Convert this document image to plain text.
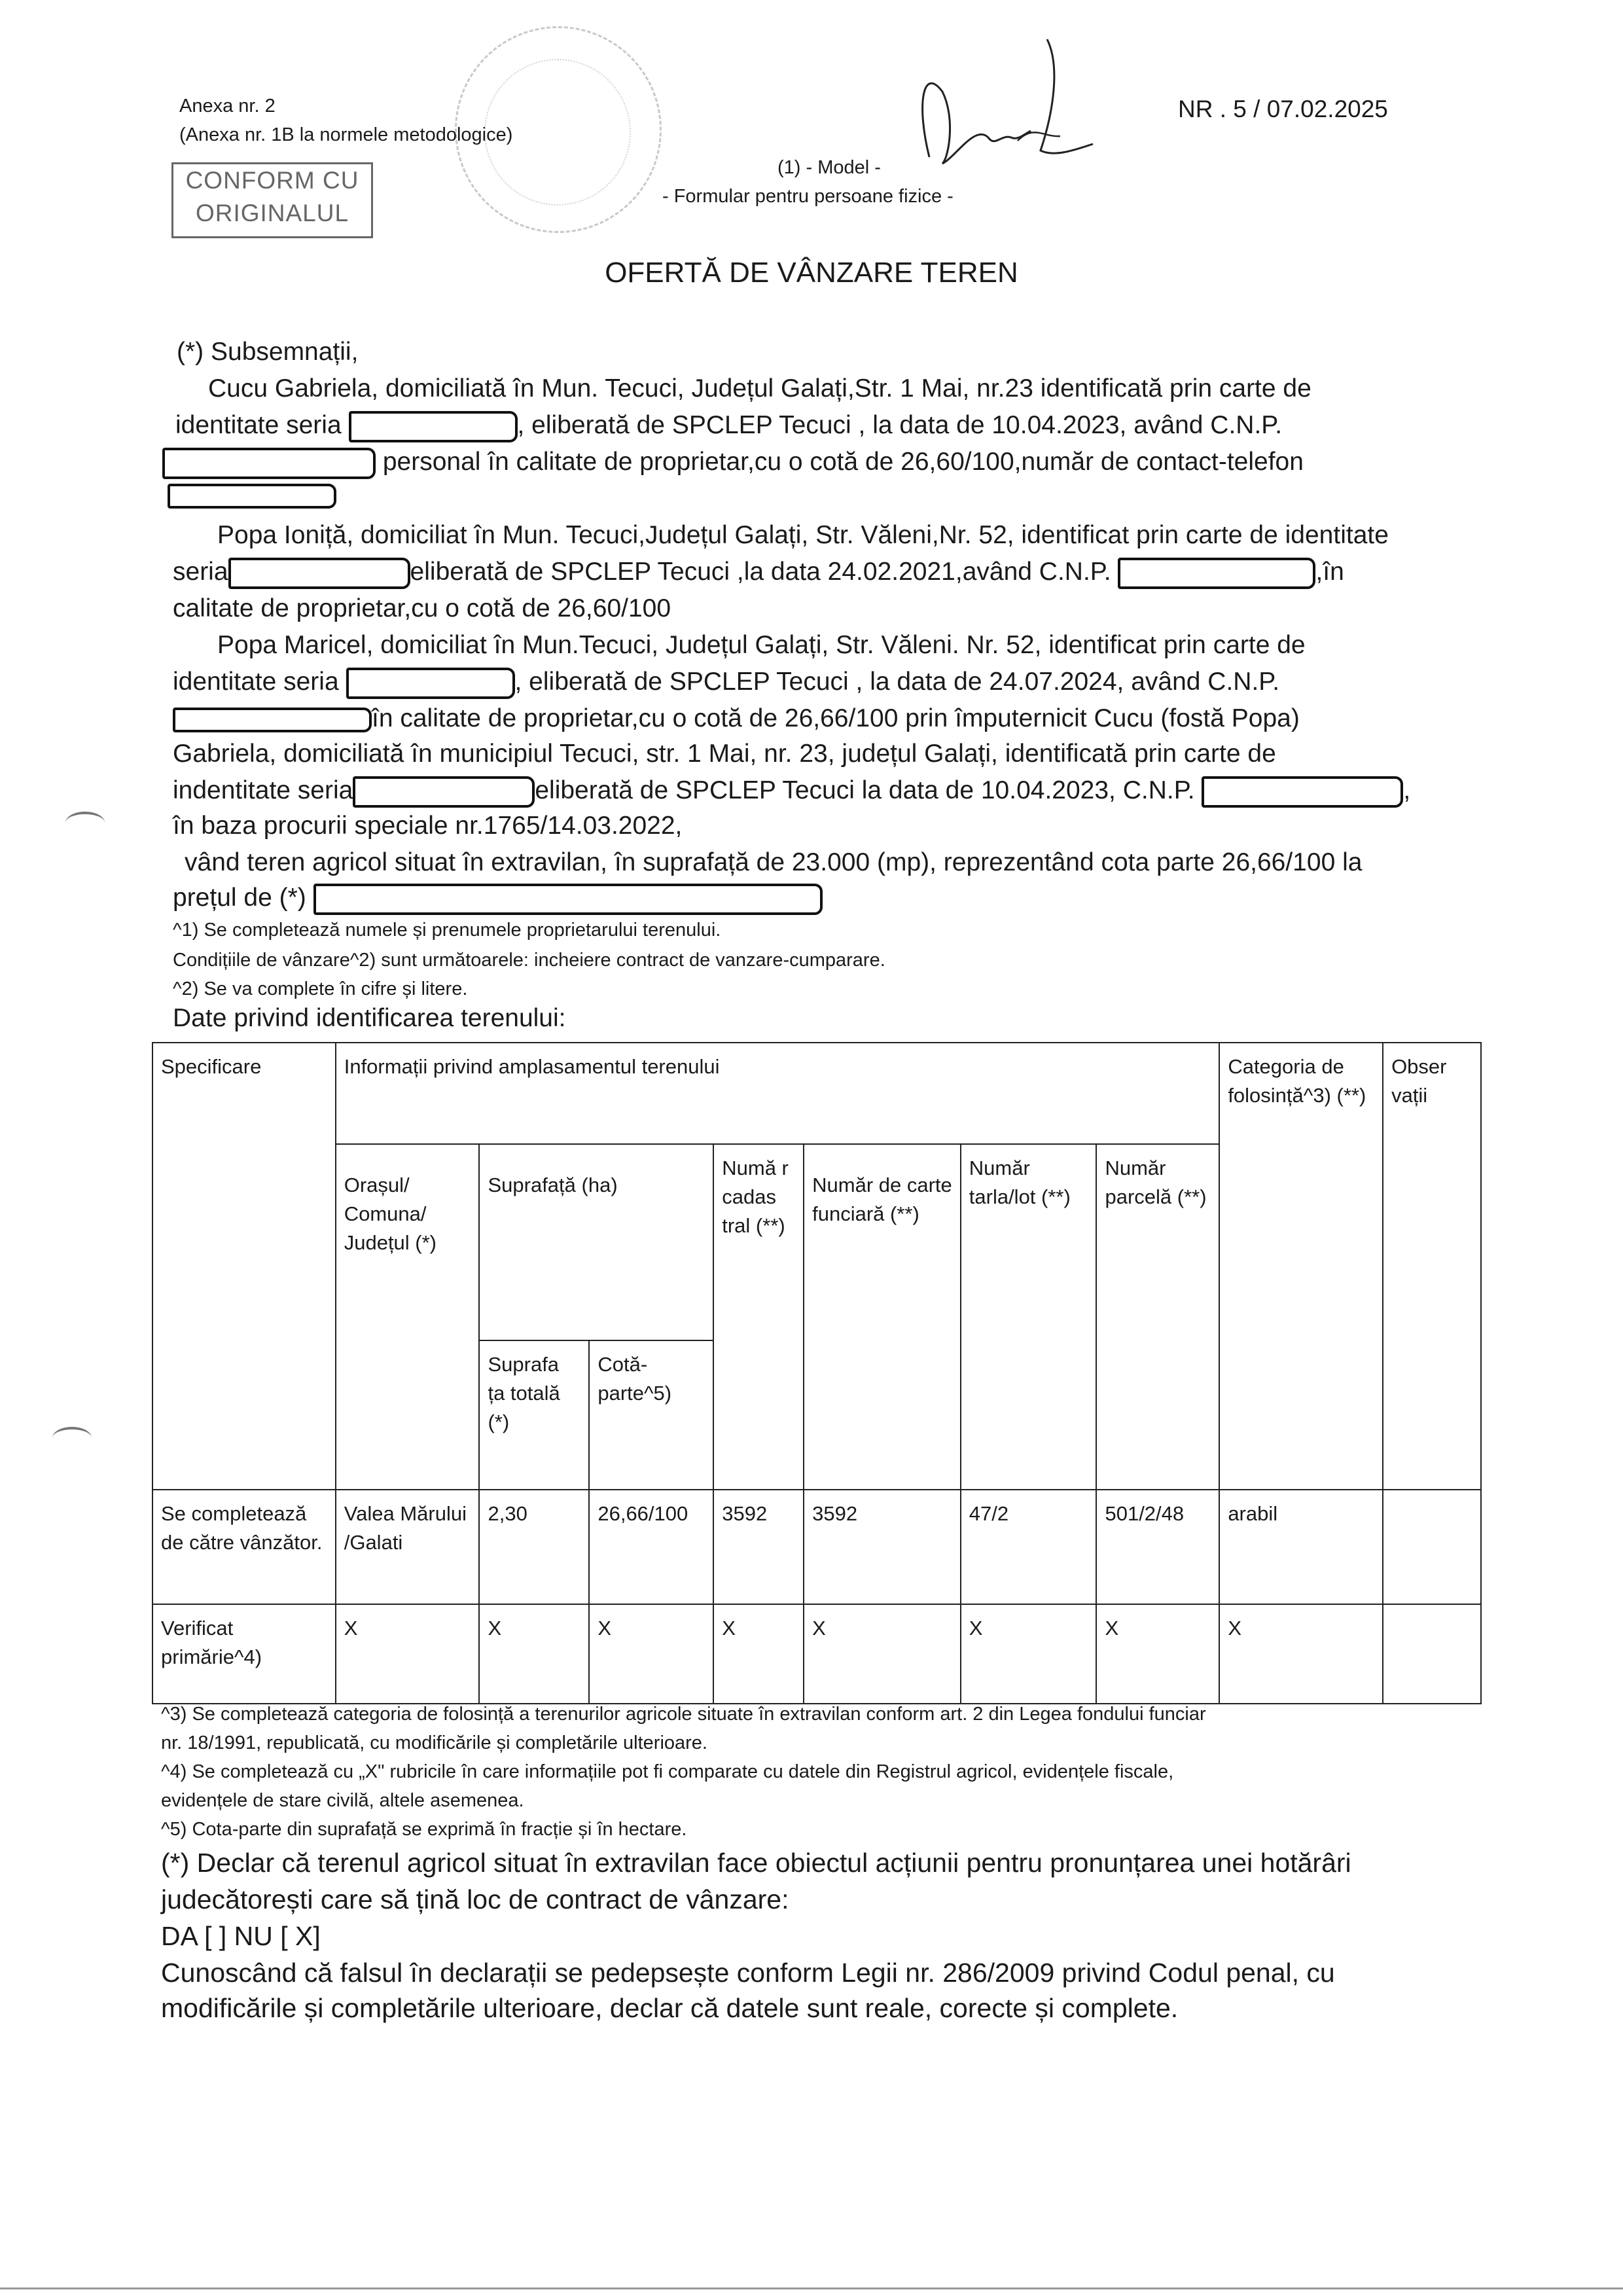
Anexa nr. 2
(Anexa nr. 1B la normele metodologice)
NR . 5 / 07.02.2025
CONFORM CU
ORIGINALUL
(1) - Model -
- Formular pentru persoane fizice -
OFERTĂ DE VÂNZARE TEREN
(*) Subsemnații,
Cucu Gabriela, domiciliată în Mun. Tecuci, Județul Galați,Str. 1 Mai, nr.23 identificată prin carte de
identitate seria	, eliberată de SPCLEP Tecuci , la data de 10.04.2023, având C.N.P.
personal în calitate de proprietar,cu o cotă de 26,60/100,număr de contact-telefon
Popa Ioniță, domiciliat în Mun. Tecuci,Județul Galați, Str. Văleni,Nr. 52, identificat prin carte de identitate
seria	eliberată de SPCLEP Tecuci ,la data 24.02.2021,având C.N.P.	,în
calitate de proprietar,cu o cotă de 26,60/100
Popa Maricel, domiciliat în Mun.Tecuci, Județul Galați, Str. Văleni. Nr. 52, identificat prin carte de
identitate seria	, eliberată de SPCLEP Tecuci , la data de 24.07.2024, având C.N.P.
în calitate de proprietar,cu o cotă de 26,66/100 prin împuternicit Cucu (fostă Popa)
Gabriela, domiciliată în municipiul Tecuci, str. 1 Mai, nr. 23, județul Galați, identificată prin carte de
indentitate seria	eliberată de SPCLEP Tecuci la data de 10.04.2023, C.N.P.	,
în baza procurii speciale nr.1765/14.03.2022,
vând teren agricol situat în extravilan, în suprafață de 23.000 (mp), reprezentând cota parte 26,66/100 la
prețul de (*)
^1) Se completează numele și prenumele proprietarului terenului.
Condițiile de vânzare^2) sunt următoarele: incheiere contract de vanzare-cumparare.
^2) Se va complete în cifre și litere.
Date privind identificarea terenului:
Specificare	Informații privind amplasamentul terenului							Categoria de folosință^3) (**)	Obser vații
	Orașul/ Comuna/ Județul (*)	Suprafață (ha)		Numă r cadas tral (**)	Număr de carte funciară (**)	Număr tarla/lot (**)	Număr parcelă (**)		
		Suprafa ța totală (*)	Cotă-parte^5)						
Se completează de către vânzător.	Valea Mărului /Galati	2,30	26,66/100	3592	3592	47/2	501/2/48	arabil	
Verificat primărie^4)	X	X	X	X	X	X	X	X	
^3) Se completează categoria de folosință a terenurilor agricole situate în extravilan conform art. 2 din Legea fondului funciar
nr. 18/1991, republicată, cu modificările și completările ulterioare.
^4) Se completează cu „X" rubricile în care informațiile pot fi comparate cu datele din Registrul agricol, evidențele fiscale,
evidențele de stare civilă, altele asemenea.
^5) Cota-parte din suprafață se exprimă în fracție și în hectare.
(*) Declar că terenul agricol situat în extravilan face obiectul acțiunii pentru pronunțarea unei hotărâri
judecătorești care să țină loc de contract de vânzare:
DA [ ] NU [ X]
Cunoscând că falsul în declarații se pedepsește conform Legii nr. 286/2009 privind Codul penal, cu
modificările și completările ulterioare, declar că datele sunt reale, corecte și complete.
